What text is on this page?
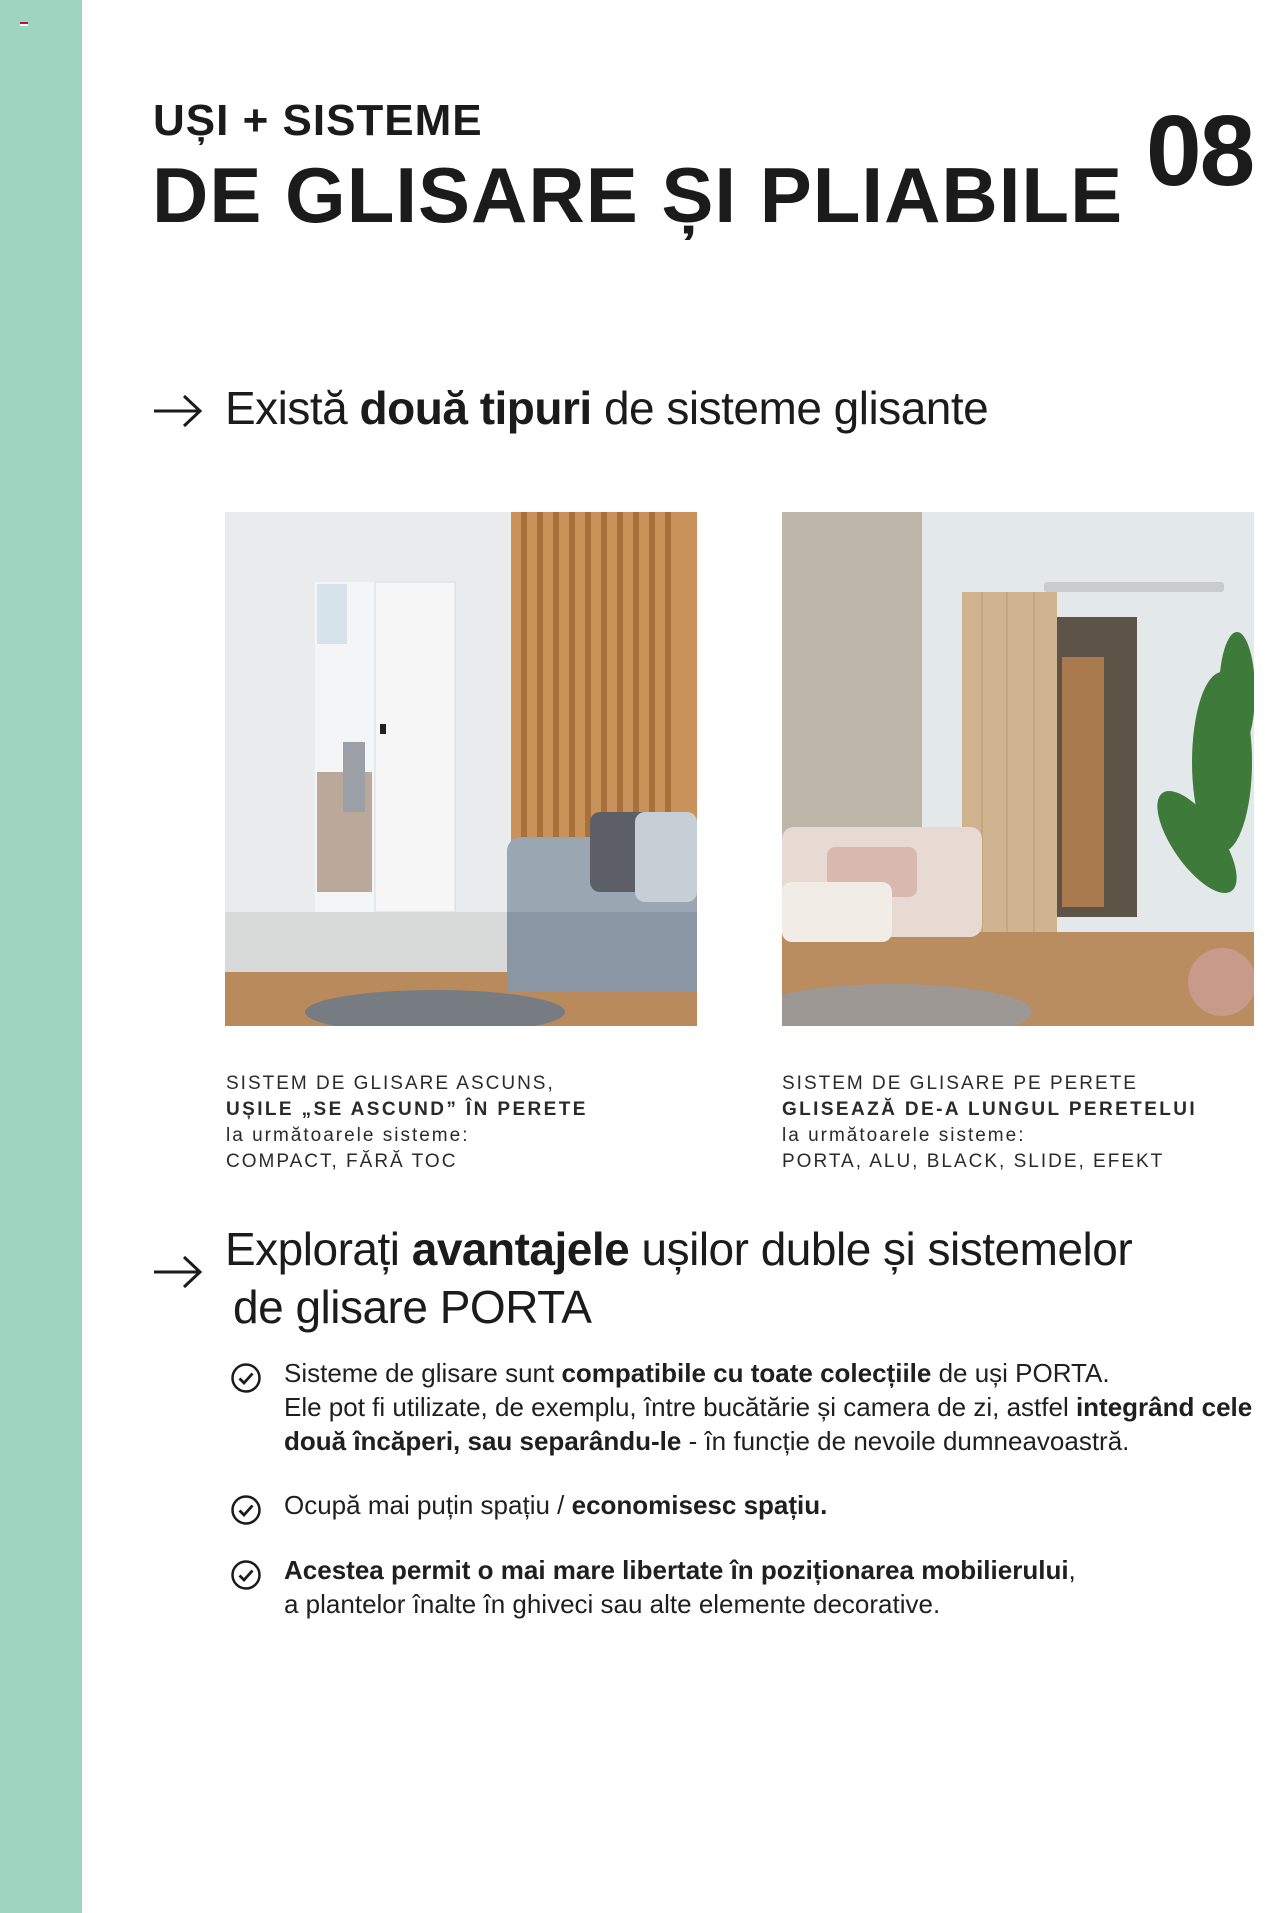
UȘI + SISTEME
DE GLISARE ȘI PLIABILE 08
Există două tipuri de sisteme glisante
SISTEM DE GLISARE ASCUNS,
UȘILE „SE ASCUND” ÎN PERETE
la următoarele sisteme:
COMPACT, FĂRĂ TOC
SISTEM DE GLISARE PE PERETE
GLISEAZĂ DE-A LUNGUL PERETELUI
la următoarele sisteme:
PORTA, ALU, BLACK, SLIDE, EFEKT
Explorați avantajele ușilor duble și sistemelor
de glisare PORTA
Sisteme de glisare sunt compatibile cu toate colecțiile de uși PORTA.
Ele pot fi utilizate, de exemplu, între bucătărie și camera de zi, astfel integrând cele două încăperi, sau separându-le - în funcție de nevoile dumneavoastră.
Ocupă mai puțin spațiu / economisesc spațiu.
Acestea permit o mai mare libertate în poziționarea mobilierului,
a plantelor înalte în ghiveci sau alte elemente decorative.
